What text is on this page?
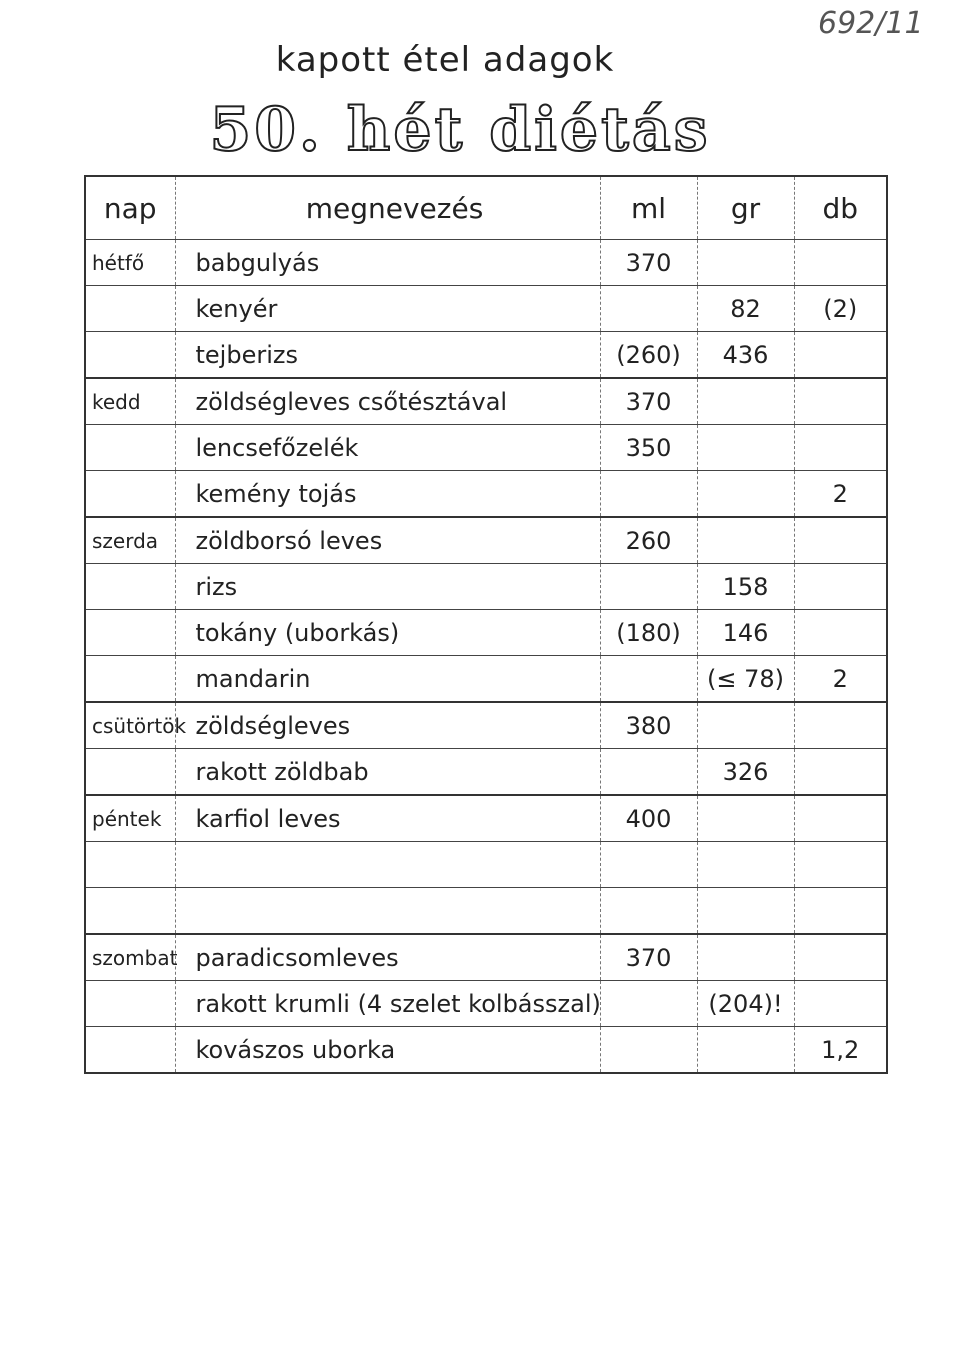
692/11
kapott étel adagok
50. hét diétás
nap	megnevezés	ml	gr	db
hétfő	babgulyás	370		
	kenyér		82	(2)
	tejberizs	(260)	436	
kedd	zöldségleves csőtésztával	370		
	lencsefőzelék	350		
	kemény tojás			2
szerda	zöldborsó leves	260		
	rizs		158	
	tokány (uborkás)	(180)	146	
	mandarin		(≤ 78)	2
csütörtök	zöldségleves	380		
	rakott zöldbab		326	
péntek	karfiol leves	400		

szombat	paradicsomleves	370		
	rakott krumli (4 szelet kolbásszal)		(204)!	
	kovászos uborka			1,2
